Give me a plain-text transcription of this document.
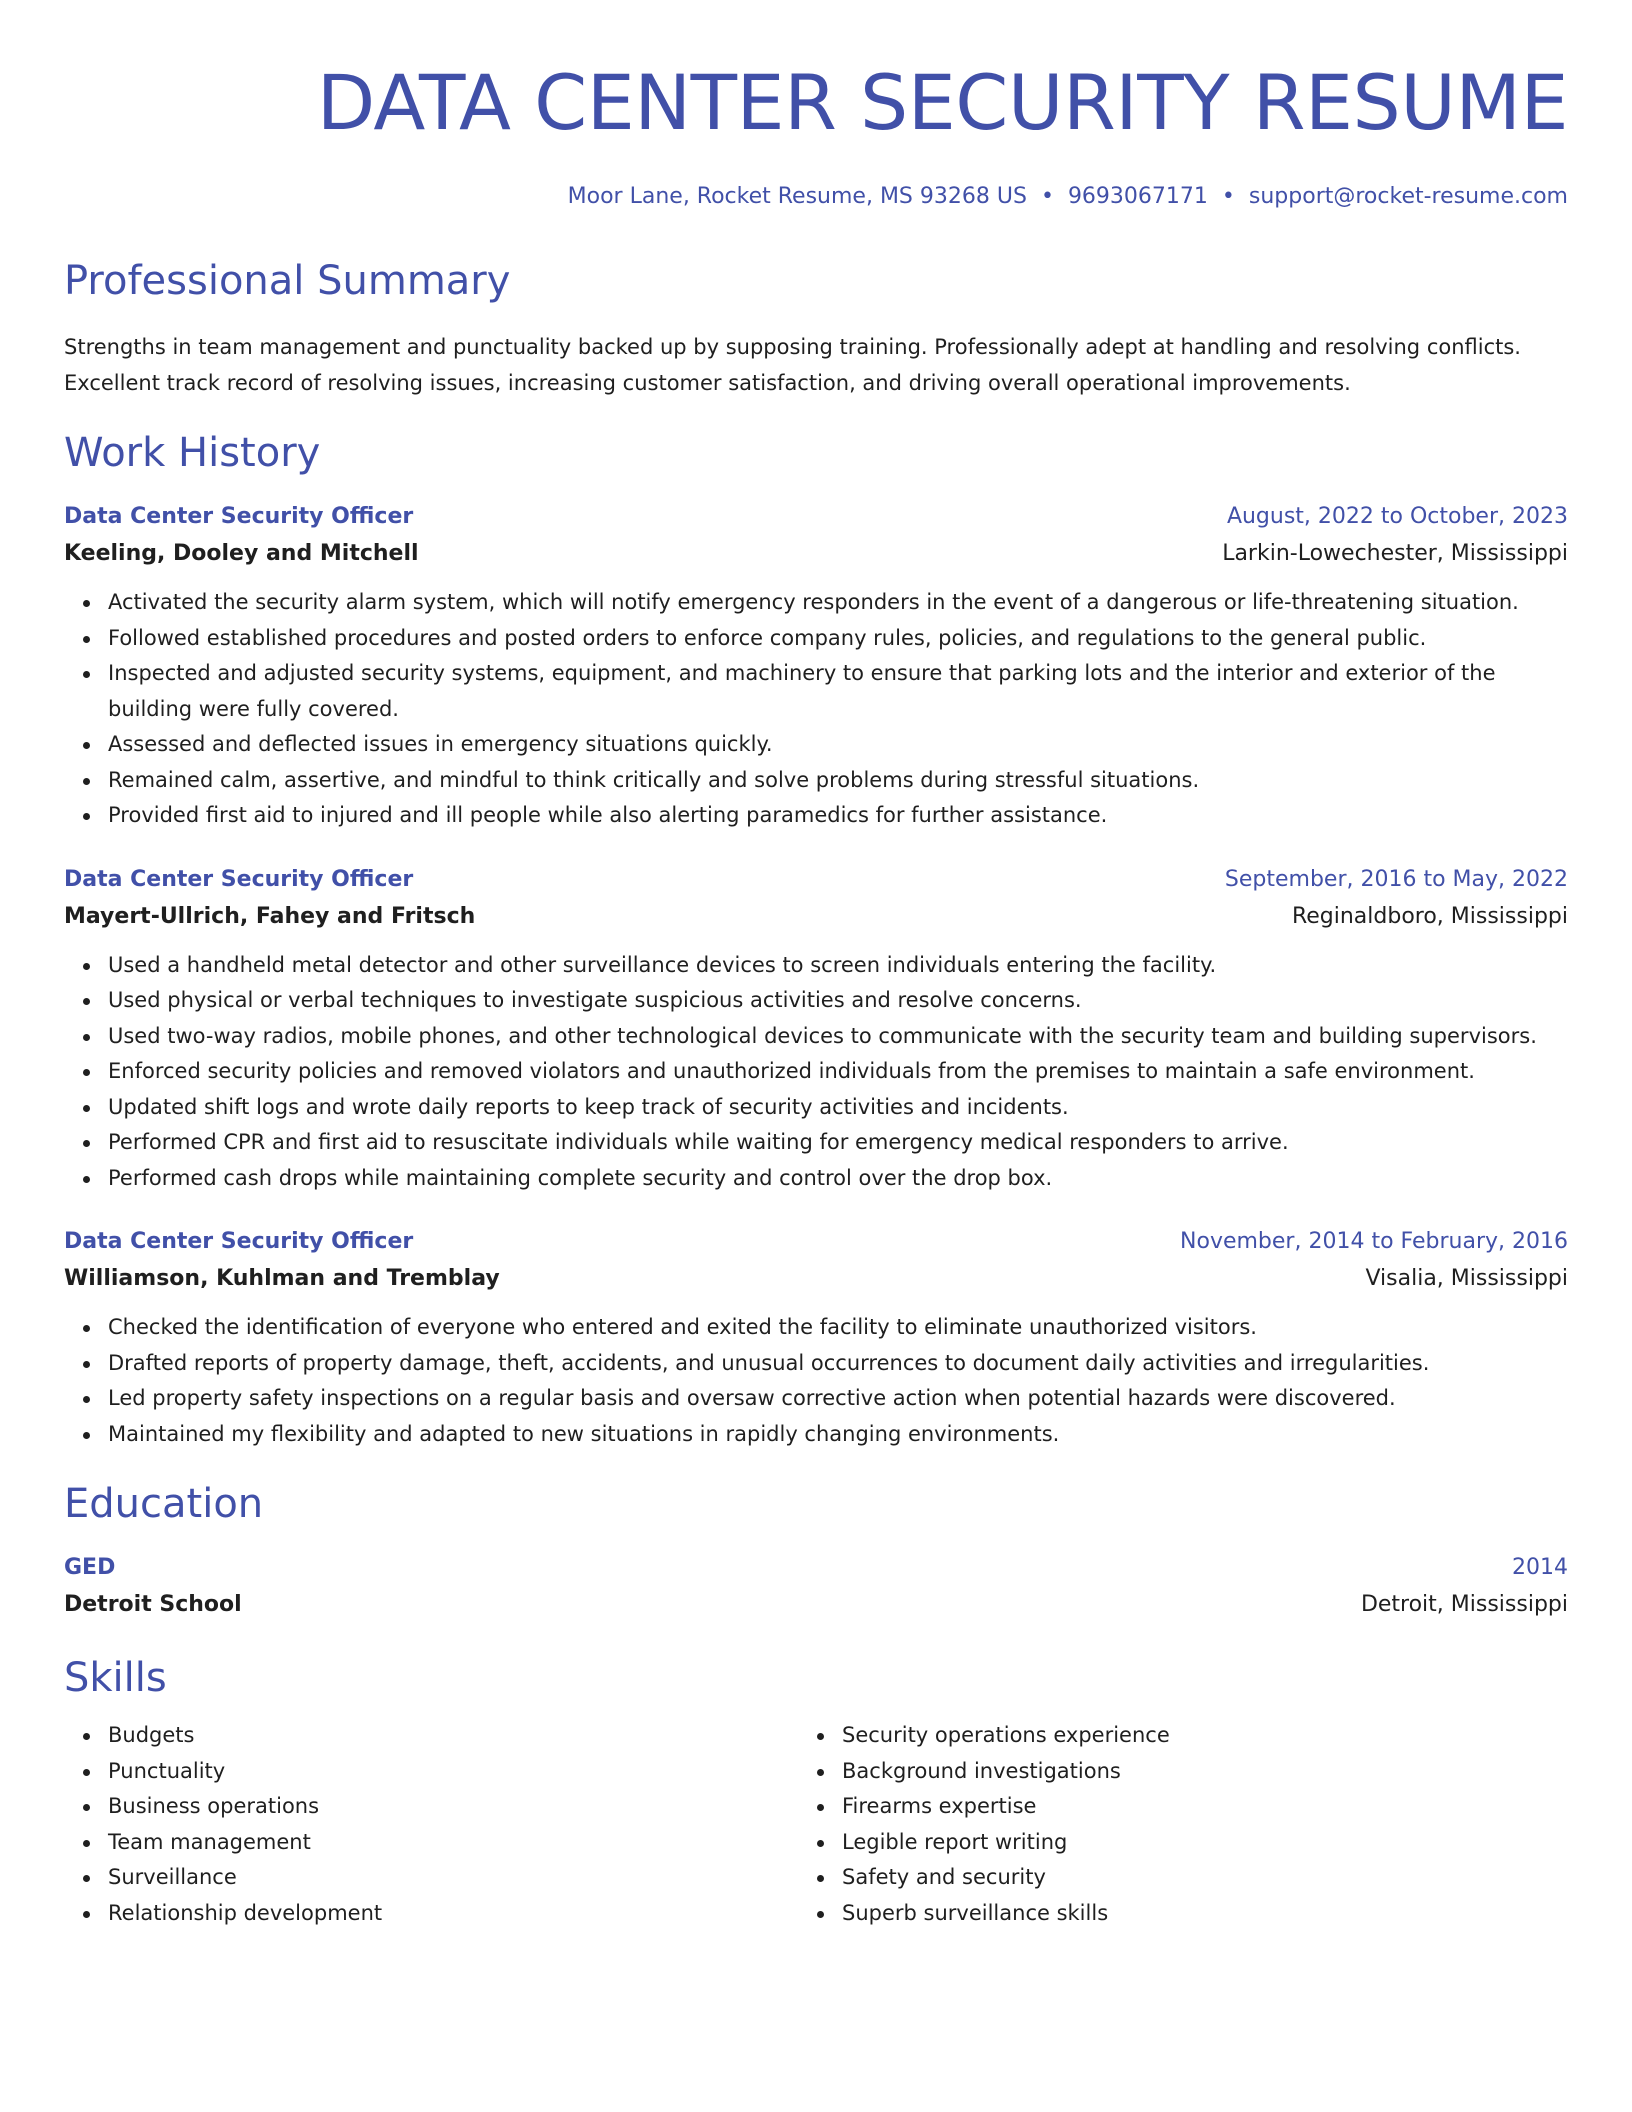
DATA CENTER SECURITY RESUME
Moor Lane, Rocket Resume, MS 93268 US • 9693067171 • support@rocket-resume.com
Professional Summary

Strengths in team management and punctuality backed up by supposing training. Professionally adept at handling and resolving conflicts. Excellent track record of resolving issues, increasing customer satisfaction, and driving overall operational improvements.

Work History
Data Center Security Officer	August, 2022 to October, 2023
Keeling, Dooley and Mitchell	Larkin-Lowechester, Mississippi
Activated the security alarm system, which will notify emergency responders in the event of a dangerous or life-threatening situation.
Followed established procedures and posted orders to enforce company rules, policies, and regulations to the general public.
Inspected and adjusted security systems, equipment, and machinery to ensure that parking lots and the interior and exterior of the building were fully covered.
Assessed and deflected issues in emergency situations quickly.
Remained calm, assertive, and mindful to think critically and solve problems during stressful situations.
Provided first aid to injured and ill people while also alerting paramedics for further assistance.
Data Center Security Officer	September, 2016 to May, 2022
Mayert-Ullrich, Fahey and Fritsch	Reginaldboro, Mississippi
Used a handheld metal detector and other surveillance devices to screen individuals entering the facility.
Used physical or verbal techniques to investigate suspicious activities and resolve concerns.
Used two-way radios, mobile phones, and other technological devices to communicate with the security team and building supervisors.
Enforced security policies and removed violators and unauthorized individuals from the premises to maintain a safe environment.
Updated shift logs and wrote daily reports to keep track of security activities and incidents.
Performed CPR and first aid to resuscitate individuals while waiting for emergency medical responders to arrive.
Performed cash drops while maintaining complete security and control over the drop box.
Data Center Security Officer	November, 2014 to February, 2016
Williamson, Kuhlman and Tremblay	Visalia, Mississippi
Checked the identification of everyone who entered and exited the facility to eliminate unauthorized visitors.
Drafted reports of property damage, theft, accidents, and unusual occurrences to document daily activities and irregularities.
Led property safety inspections on a regular basis and oversaw corrective action when potential hazards were discovered.
Maintained my flexibility and adapted to new situations in rapidly changing environments.
Education
GED	2014
Detroit School	Detroit, Mississippi
Skills
Budgets
Punctuality
Business operations
Team management
Surveillance
Relationship development
Security operations experience
Background investigations
Firearms expertise
Legible report writing
Safety and security
Superb surveillance skills
